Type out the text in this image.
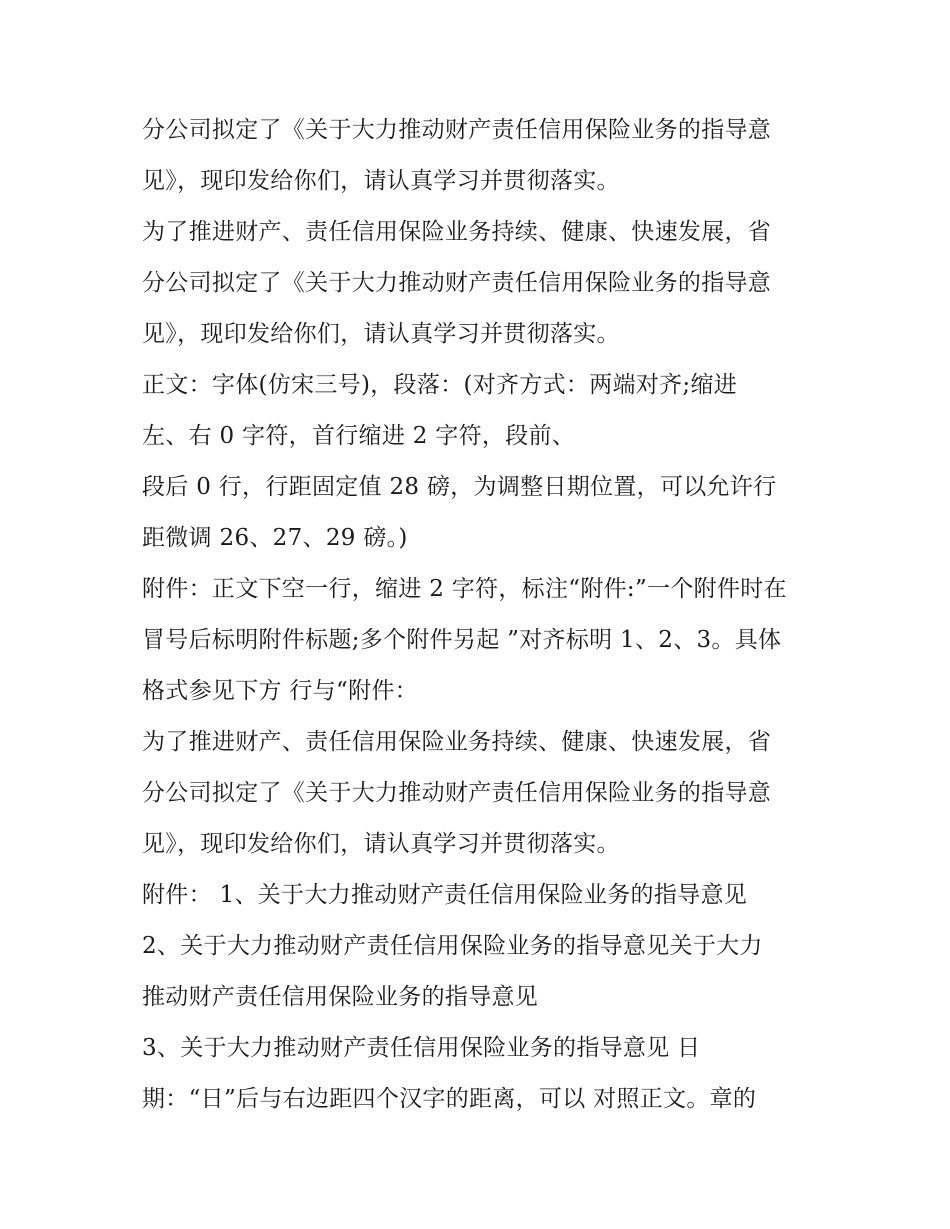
分公司拟定了《关于大力推动财产责任信用保险业务的指导意
见》，现印发给你们，请认真学习并贯彻落实。
为了推进财产、责任信用保险业务持续、健康、快速发展，省
分公司拟定了《关于大力推动财产责任信用保险业务的指导意
见》，现印发给你们，请认真学习并贯彻落实。
正文：字体(仿宋三号)，段落：(对齐方式：两端对齐;缩进
左、右 0 字符，首行缩进 2 字符，段前、
段后 0 行，行距固定值 28 磅，为调整日期位置，可以允许行
距微调 26、27、29 磅。)
附件：正文下空一行，缩进 2 字符，标注“附件:”一个附件时在
冒号后标明附件标题;多个附件另起 ”对齐标明 1、2、3。具体
格式参见下方 行与“附件：
为了推进财产、责任信用保险业务持续、健康、快速发展，省
分公司拟定了《关于大力推动财产责任信用保险业务的指导意
见》，现印发给你们，请认真学习并贯彻落实。
附件： 1、关于大力推动财产责任信用保险业务的指导意见
2、关于大力推动财产责任信用保险业务的指导意见关于大力
推动财产责任信用保险业务的指导意见
3、关于大力推动财产责任信用保险业务的指导意见 日
期：“日”后与右边距四个汉字的距离，可以 对照正文。章的
